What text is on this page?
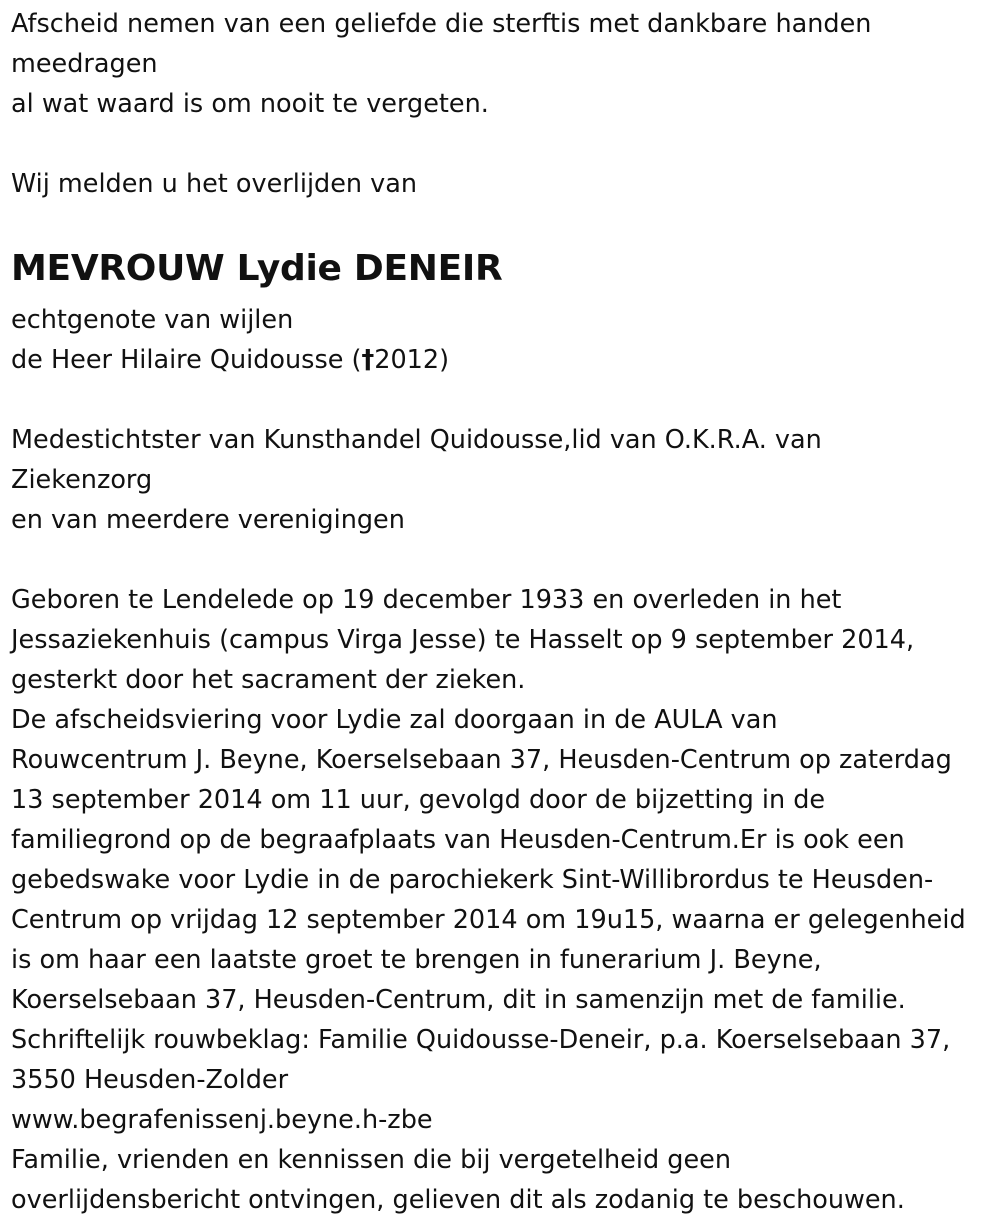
Afscheid nemen van een geliefde die sterftis met dankbare handen
meedragen
al wat waard is om nooit te vergeten.
Wij melden u het overlijden van
MEVROUW Lydie DENEIR
echtgenote van wijlen
de Heer Hilaire Quidousse (†2012)
Medestichtster van Kunsthandel Quidousse,lid van O.K.R.A. van
Ziekenzorg
en van meerdere verenigingen
Geboren te Lendelede op 19 december 1933 en overleden in het
Jessaziekenhuis (campus Virga Jesse) te Hasselt op 9 september 2014,
gesterkt door het sacrament der zieken.
De afscheidsviering voor Lydie zal doorgaan in de AULA van
Rouwcentrum J. Beyne, Koerselsebaan 37, Heusden-Centrum op zaterdag
13 september 2014 om 11 uur, gevolgd door de bijzetting in de
familiegrond op de begraafplaats van Heusden-Centrum.Er is ook een
gebedswake voor Lydie in de parochiekerk Sint-Willibrordus te Heusden-
Centrum op vrijdag 12 september 2014 om 19u15, waarna er gelegenheid
is om haar een laatste groet te brengen in funerarium J. Beyne,
Koerselsebaan 37, Heusden-Centrum, dit in samenzijn met de familie.
Schriftelijk rouwbeklag: Familie Quidousse-Deneir, p.a. Koerselsebaan 37,
3550 Heusden-Zolder
www.begrafenissenj.beyne.h-zbe
Familie, vrienden en kennissen die bij vergetelheid geen
overlijdensbericht ontvingen, gelieven dit als zodanig te beschouwen.
